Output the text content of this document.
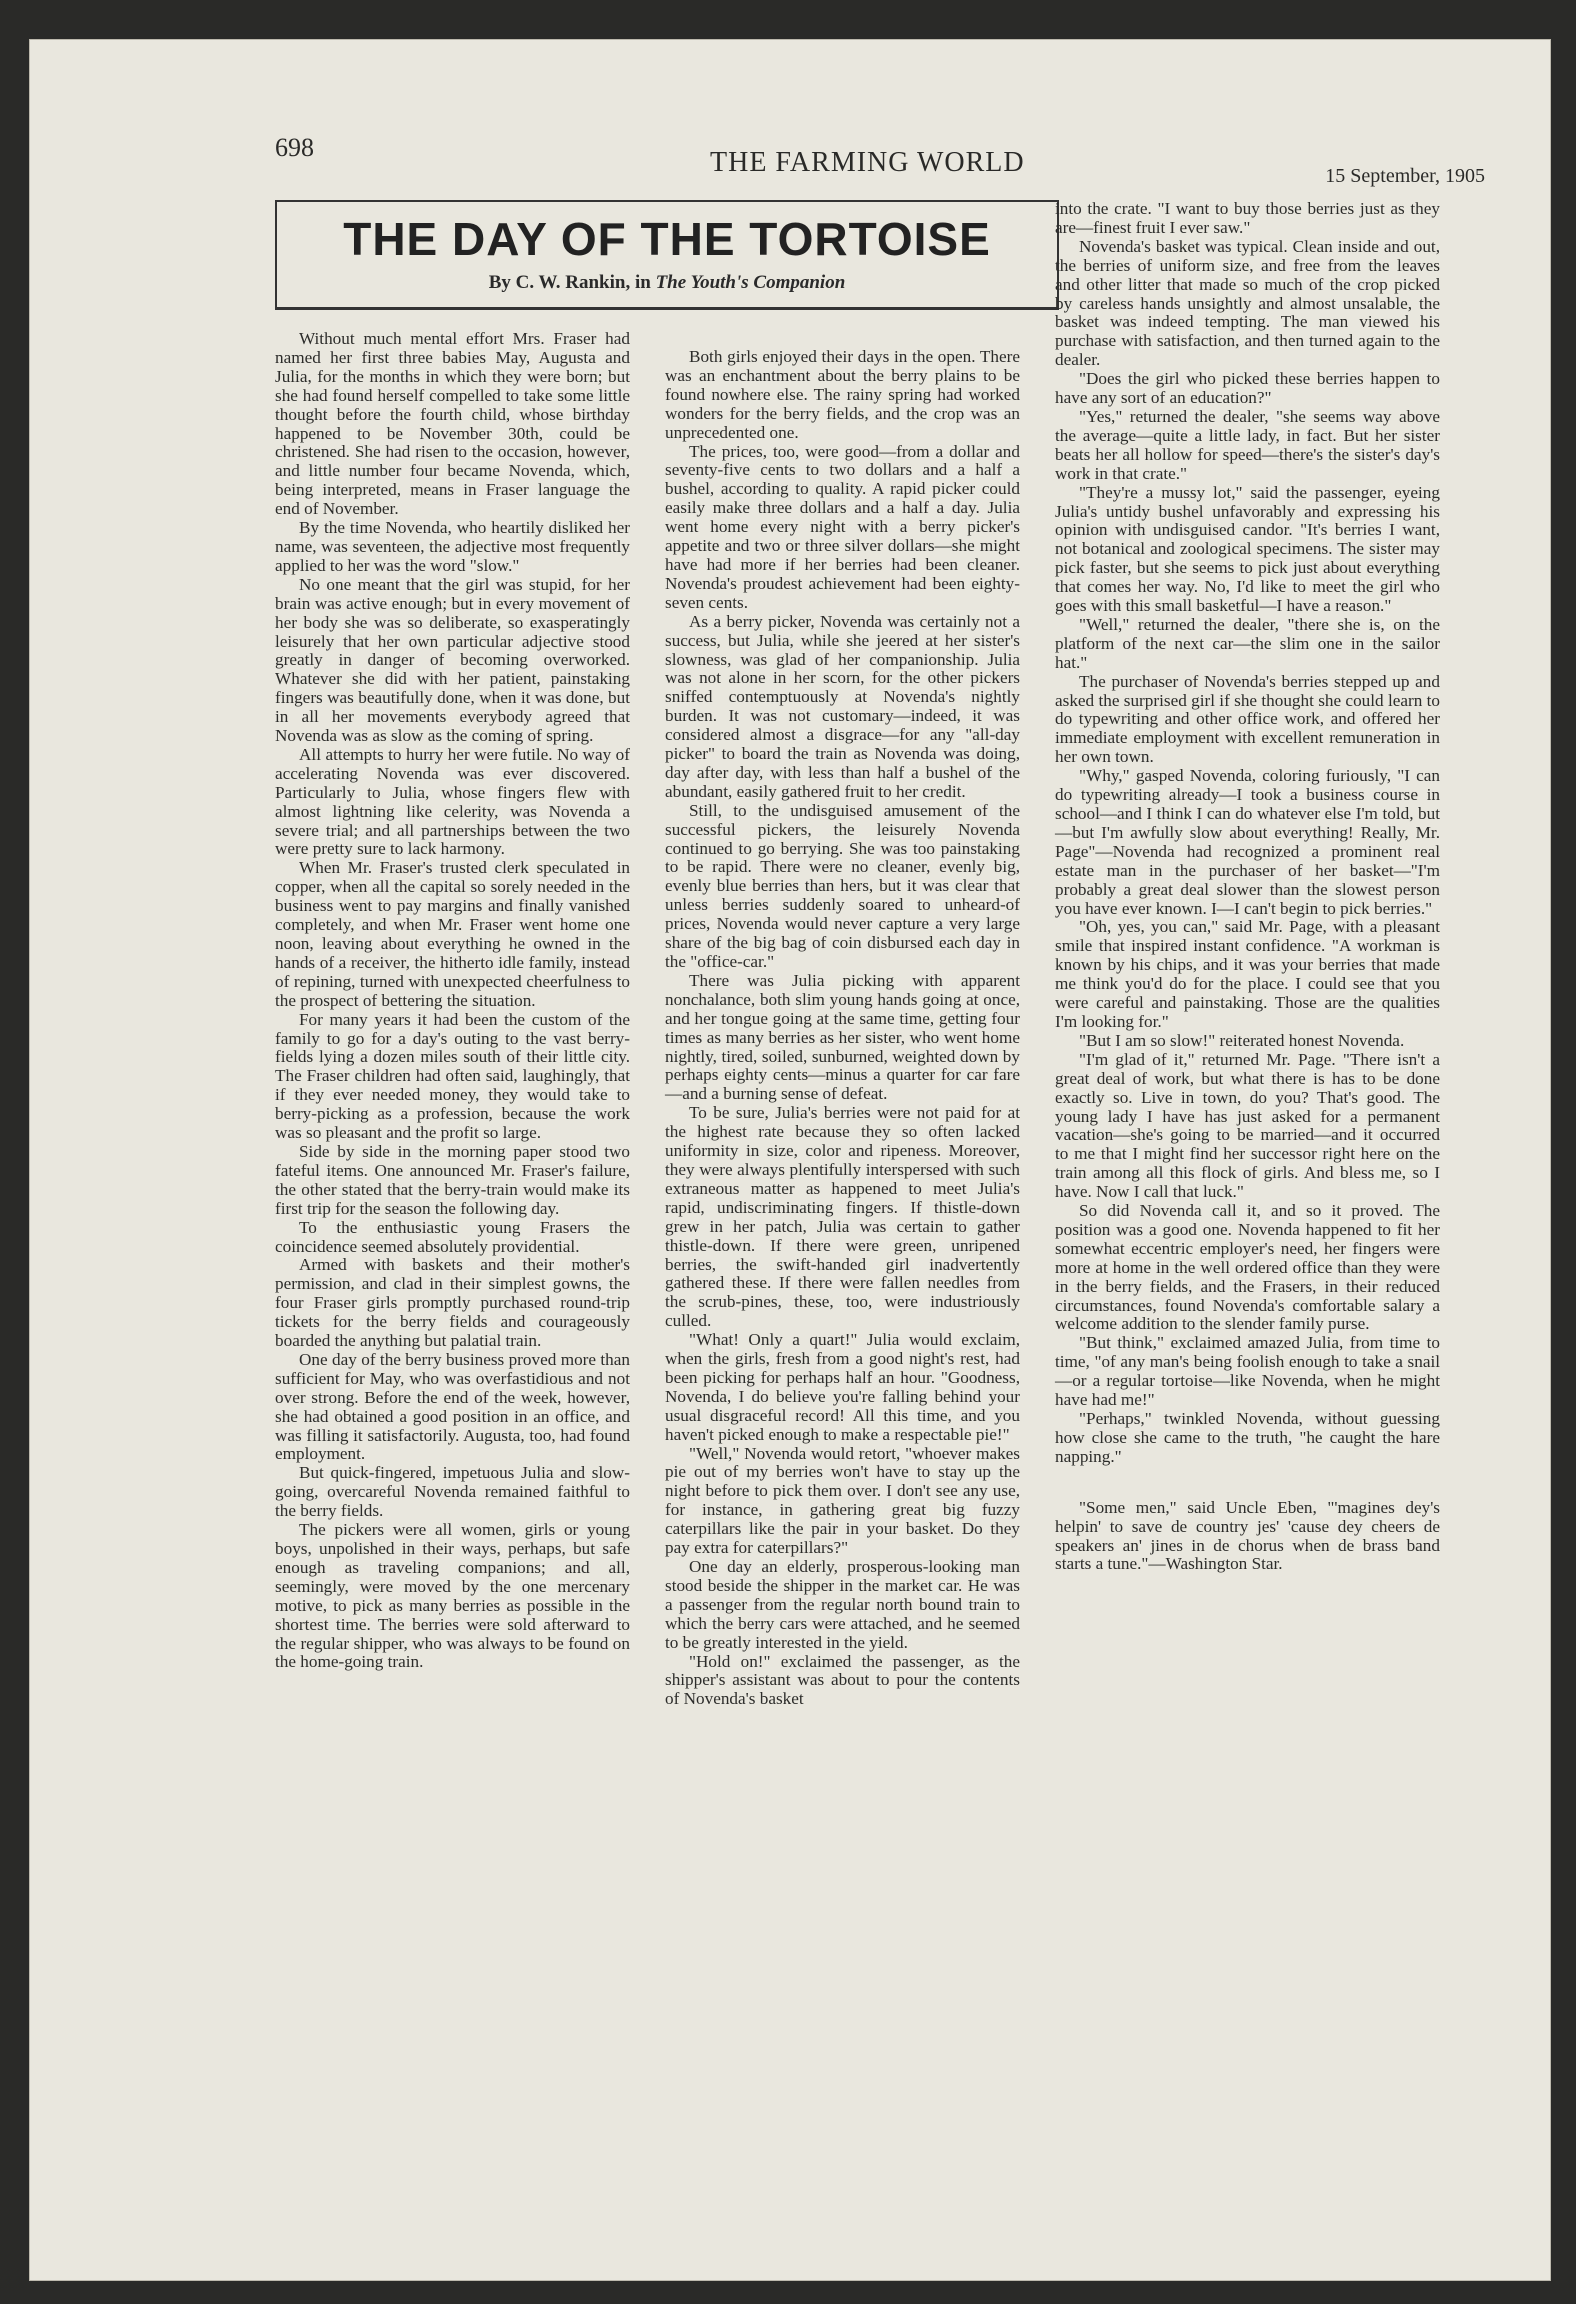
698	THE FARMING WORLD	15 September, 1905
THE DAY OF THE TORTOISE
By C. W. Rankin, in The Youth's Companion

Without much mental effort Mrs. Fraser had named her first three babies May, Augusta and Julia, for the months in which they were born; but she had found herself compelled to take some little thought before the fourth child, whose birthday happened to be November 30th, could be christened. She had risen to the occasion, however, and little number four became Novenda, which, being interpreted, means in Fraser language the end of November.

By the time Novenda, who heartily disliked her name, was seventeen, the adjective most frequently applied to her was the word "slow."

No one meant that the girl was stupid, for her brain was active enough; but in every movement of her body she was so deliberate, so exasperatingly leisurely that her own particular adjective stood greatly in danger of becoming overworked. Whatever she did with her patient, painstaking fingers was beautifully done, when it was done, but in all her movements everybody agreed that Novenda was as slow as the coming of spring.

All attempts to hurry her were futile. No way of accelerating Novenda was ever discovered. Particularly to Julia, whose fingers flew with almost lightning like celerity, was Novenda a severe trial; and all partnerships between the two were pretty sure to lack harmony.

When Mr. Fraser's trusted clerk speculated in copper, when all the capital so sorely needed in the business went to pay margins and finally vanished completely, and when Mr. Fraser went home one noon, leaving about everything he owned in the hands of a receiver, the hitherto idle family, instead of repining, turned with unexpected cheerfulness to the prospect of bettering the situation.

For many years it had been the custom of the family to go for a day's outing to the vast berry-fields lying a dozen miles south of their little city. The Fraser children had often said, laughingly, that if they ever needed money, they would take to berry-picking as a profession, because the work was so pleasant and the profit so large.

Side by side in the morning paper stood two fateful items. One announced Mr. Fraser's failure, the other stated that the berry-train would make its first trip for the season the following day.

To the enthusiastic young Frasers the coincidence seemed absolutely providential.

Armed with baskets and their mother's permission, and clad in their simplest gowns, the four Fraser girls promptly purchased round-trip tickets for the berry fields and courageously boarded the anything but palatial train.

One day of the berry business proved more than sufficient for May, who was overfastidious and not over strong. Before the end of the week, however, she had obtained a good position in an office, and was filling it satisfactorily. Augusta, too, had found employment.

But quick-fingered, impetuous Julia and slow-going, overcareful Novenda remained faithful to the berry fields.

The pickers were all women, girls or young boys, unpolished in their ways, perhaps, but safe enough as traveling companions; and all, seemingly, were moved by the one mercenary motive, to pick as many berries as possible in the shortest time. The berries were sold afterward to the regular shipper, who was always to be found on the home-going train.

Both girls enjoyed their days in the open. There was an enchantment about the berry plains to be found nowhere else. The rainy spring had worked wonders for the berry fields, and the crop was an unprecedented one.

The prices, too, were good—from a dollar and seventy-five cents to two dollars and a half a bushel, according to quality. A rapid picker could easily make three dollars and a half a day. Julia went home every night with a berry picker's appetite and two or three silver dollars—she might have had more if her berries had been cleaner. Novenda's proudest achievement had been eighty-seven cents.

As a berry picker, Novenda was certainly not a success, but Julia, while she jeered at her sister's slowness, was glad of her companionship. Julia was not alone in her scorn, for the other pickers sniffed contemptuously at Novenda's nightly burden. It was not customary—indeed, it was considered almost a disgrace—for any "all-day picker" to board the train as Novenda was doing, day after day, with less than half a bushel of the abundant, easily gathered fruit to her credit.

Still, to the undisguised amusement of the successful pickers, the leisurely Novenda continued to go berrying. She was too painstaking to be rapid. There were no cleaner, evenly big, evenly blue berries than hers, but it was clear that unless berries suddenly soared to unheard-of prices, Novenda would never capture a very large share of the big bag of coin disbursed each day in the "office-car."

There was Julia picking with apparent nonchalance, both slim young hands going at once, and her tongue going at the same time, getting four times as many berries as her sister, who went home nightly, tired, soiled, sunburned, weighted down by perhaps eighty cents—minus a quarter for car fare—and a burning sense of defeat.

To be sure, Julia's berries were not paid for at the highest rate because they so often lacked uniformity in size, color and ripeness. Moreover, they were always plentifully interspersed with such extraneous matter as happened to meet Julia's rapid, undiscriminating fingers. If thistle-down grew in her patch, Julia was certain to gather thistle-down. If there were green, unripened berries, the swift-handed girl inadvertently gathered these. If there were fallen needles from the scrub-pines, these, too, were industriously culled.

"What! Only a quart!" Julia would exclaim, when the girls, fresh from a good night's rest, had been picking for perhaps half an hour. "Goodness, Novenda, I do believe you're falling behind your usual disgraceful record! All this time, and you haven't picked enough to make a respectable pie!"

"Well," Novenda would retort, "whoever makes pie out of my berries won't have to stay up the night before to pick them over. I don't see any use, for instance, in gathering great big fuzzy caterpillars like the pair in your basket. Do they pay extra for caterpillars?"

One day an elderly, prosperous-looking man stood beside the shipper in the market car. He was a passenger from the regular north bound train to which the berry cars were attached, and he seemed to be greatly interested in the yield.

"Hold on!" exclaimed the passenger, as the shipper's assistant was about to pour the contents of Novenda's basket

into the crate. "I want to buy those berries just as they are—finest fruit I ever saw."

Novenda's basket was typical. Clean inside and out, the berries of uniform size, and free from the leaves and other litter that made so much of the crop picked by careless hands unsightly and almost unsalable, the basket was indeed tempting. The man viewed his purchase with satisfaction, and then turned again to the dealer.

"Does the girl who picked these berries happen to have any sort of an education?"

"Yes," returned the dealer, "she seems way above the average—quite a little lady, in fact. But her sister beats her all hollow for speed—there's the sister's day's work in that crate."

"They're a mussy lot," said the passenger, eyeing Julia's untidy bushel unfavorably and expressing his opinion with undisguised candor. "It's berries I want, not botanical and zoological specimens. The sister may pick faster, but she seems to pick just about everything that comes her way. No, I'd like to meet the girl who goes with this small basketful—I have a reason."

"Well," returned the dealer, "there she is, on the platform of the next car—the slim one in the sailor hat."

The purchaser of Novenda's berries stepped up and asked the surprised girl if she thought she could learn to do typewriting and other office work, and offered her immediate employment with excellent remuneration in her own town.

"Why," gasped Novenda, coloring furiously, "I can do typewriting already—I took a business course in school—and I think I can do whatever else I'm told, but—but I'm awfully slow about everything! Really, Mr. Page"—Novenda had recognized a prominent real estate man in the purchaser of her basket—"I'm probably a great deal slower than the slowest person you have ever known. I—I can't begin to pick berries."

"Oh, yes, you can," said Mr. Page, with a pleasant smile that inspired instant confidence. "A workman is known by his chips, and it was your berries that made me think you'd do for the place. I could see that you were careful and painstaking. Those are the qualities I'm looking for."

"But I am so slow!" reiterated honest Novenda.

"I'm glad of it," returned Mr. Page. "There isn't a great deal of work, but what there is has to be done exactly so. Live in town, do you? That's good. The young lady I have has just asked for a permanent vacation—she's going to be married—and it occurred to me that I might find her successor right here on the train among all this flock of girls. And bless me, so I have. Now I call that luck."

So did Novenda call it, and so it proved. The position was a good one. Novenda happened to fit her somewhat eccentric employer's need, her fingers were more at home in the well ordered office than they were in the berry fields, and the Frasers, in their reduced circumstances, found Novenda's comfortable salary a welcome addition to the slender family purse.

"But think," exclaimed amazed Julia, from time to time, "of any man's being foolish enough to take a snail—or a regular tortoise—like Novenda, when he might have had me!"

"Perhaps," twinkled Novenda, without guessing how close she came to the truth, "he caught the hare napping."

"Some men," said Uncle Eben, "'magines dey's helpin' to save de country jes' 'cause dey cheers de speakers an' jines in de chorus when de brass band starts a tune."—Washington Star.
